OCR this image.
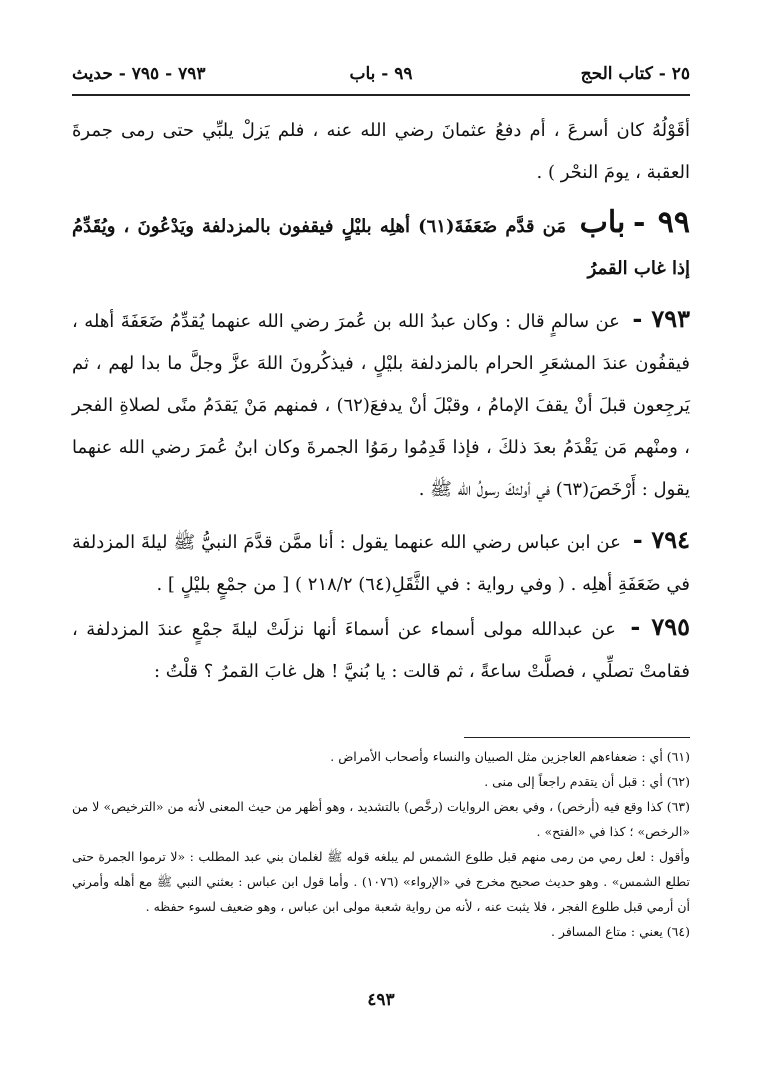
٢٥ - كتاب الحج
٩٩ - باب
٧٩٣ - ٧٩٥ - حديث

أقَوْلُهُ كان أسرعَ ، أم دفعُ عثمانَ رضي الله عنه ، فلم يَزلْ يلبِّي حتى رمى جمرةَ العقبة ، يومَ النحْر ) .

٩٩ - باب مَن قدَّم ضَعَفَةَ(٦١) أهلِه بليْلٍ فيقفون بالمزدلفة ويَدْعُونَ ، ويُقَدِّمُ إذا غاب القمرُ

٧٩٣ - عن سالمٍ قال : وكان عبدُ الله بن عُمرَ رضي الله عنهما يُقدِّمُ ضَعَفَةَ أهله ، فيقفُون عندَ المشعَرِ الحرام بالمزدلفة بليْلٍ ، فيذكُرونَ اللهَ عزَّ وجلَّ ما بدا لهم ، ثم يَرجِعون قبلَ أنْ يقفَ الإمامُ ، وقبْلَ أنْ يدفعَ(٦٢) ، فمنهم مَنْ يَقدَمُ منًى لصلاةِ الفجر ، ومنْهم مَن يَقْدَمُ بعدَ ذلكَ ، فإذا قَدِمُوا رمَوُا الجمرةَ وكان ابنُ عُمرَ رضي الله عنهما يقول : أَرْخَصَ(٦٣) في أولئكَ رسولُ الله ﷺ .

٧٩٤ - عن ابن عباس رضي الله عنهما يقول : أنا ممَّن قدَّمَ النبيُّ ﷺ ليلةَ المزدلفة في ضَعَفَةِ أهلِه . ( وفي رواية : في الثَّقَلِ(٦٤) ٢١٨/٢ ) [ من جمْعٍ بليْلٍ ] .

٧٩٥ - عن عبدالله مولى أسماء عن أسماءَ أنها نزلَتْ ليلةَ جمْعٍ عندَ المزدلفة ، فقامتْ تصلِّي ، فصلَّتْ ساعةً ، ثم قالت : يا بُنيَّ ! هل غابَ القمرُ ؟ قلْتُ :

(٦١) أي : ضعفاءهم العاجزين مثل الصبيان والنساء وأصحاب الأمراض .

(٦٢) أي : قبل أن يتقدم راجعاً إلى منى .

(٦٣) كذا وقع فيه (أرخص) ، وفي بعض الروايات (رخَّص) بالتشديد ، وهو أظهر من حيث المعنى لأنه من «الترخيص» لا من «الرخص» ؛ كذا في «الفتح» .

وأقول : لعل رمي من رمى منهم قبل طلوع الشمس لم يبلغه قوله ﷺ لغلمان بني عبد المطلب : «لا ترموا الجمرة حتى تطلع الشمس» . وهو حديث صحيح مخرج في «الإرواء» (١٠٧٦) . وأما قول ابن عباس : بعثني النبي ﷺ مع أهله وأمرني أن أرمي قبل طلوع الفجر ، فلا يثبت عنه ، لأنه من رواية شعبة مولى ابن عباس ، وهو ضعيف لسوء حفظه .

(٦٤) يعني : متاع المسافر .

٤٩٣
